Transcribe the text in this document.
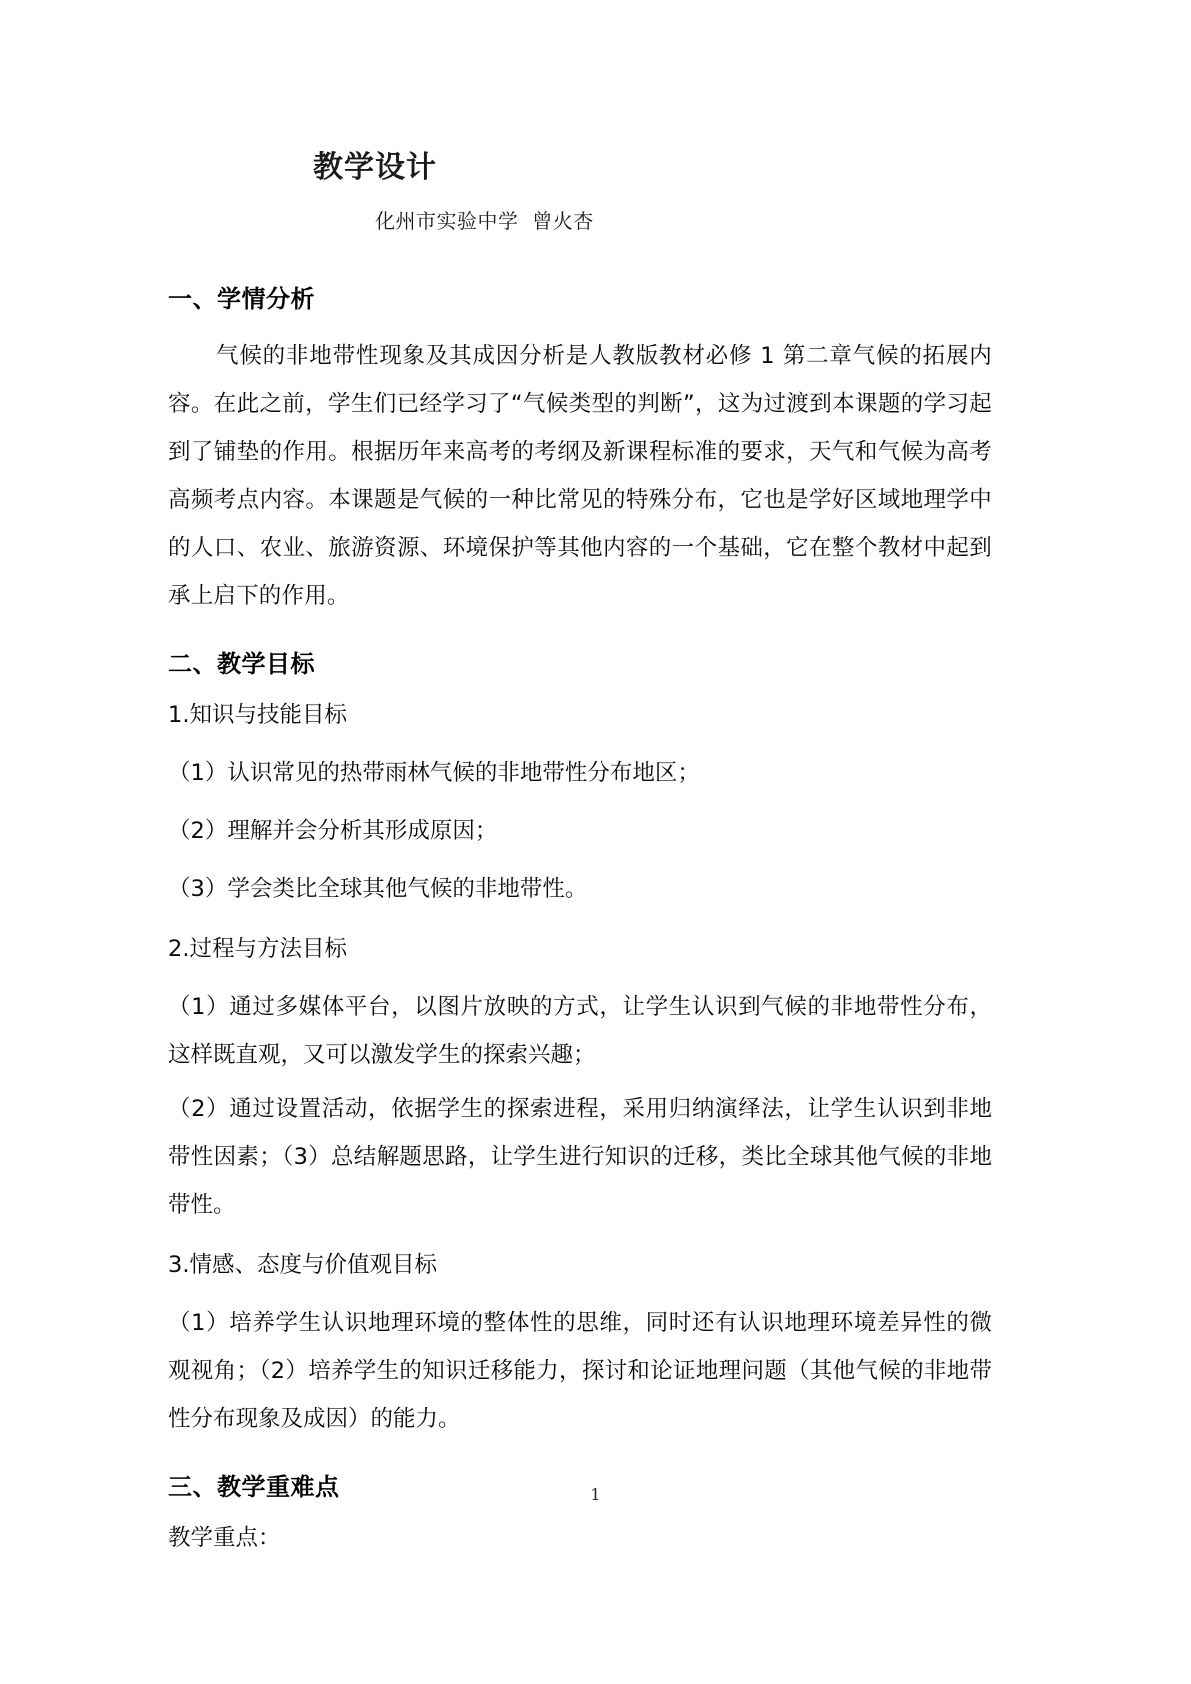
教学设计
化州市实验中学  曾火杏
一、学情分析

气候的非地带性现象及其成因分析是人教版教材必修 1 第二章气候的拓展内容。在此之前，学生们已经学习了“气候类型的判断”，这为过渡到本课题的学习起到了铺垫的作用。根据历年来高考的考纲及新课程标准的要求，天气和气候为高考高频考点内容。本课题是气候的一种比常见的特殊分布，它也是学好区域地理学中的人口、农业、旅游资源、环境保护等其他内容的一个基础，它在整个教材中起到承上启下的作用。

二、教学目标

1.知识与技能目标

（1）认识常见的热带雨林气候的非地带性分布地区；

（2）理解并会分析其形成原因；

（3）学会类比全球其他气候的非地带性。

2.过程与方法目标

（1）通过多媒体平台，以图片放映的方式，让学生认识到气候的非地带性分布，这样既直观，又可以激发学生的探索兴趣；

（2）通过设置活动，依据学生的探索进程，采用归纳演绎法，让学生认识到非地带性因素；（3）总结解题思路，让学生进行知识的迁移，类比全球其他气候的非地带性。

3.情感、态度与价值观目标

（1）培养学生认识地理环境的整体性的思维，同时还有认识地理环境差异性的微观视角；（2）培养学生的知识迁移能力，探讨和论证地理问题（其他气候的非地带性分布现象及成因）的能力。

三、教学重难点

教学重点：

1
